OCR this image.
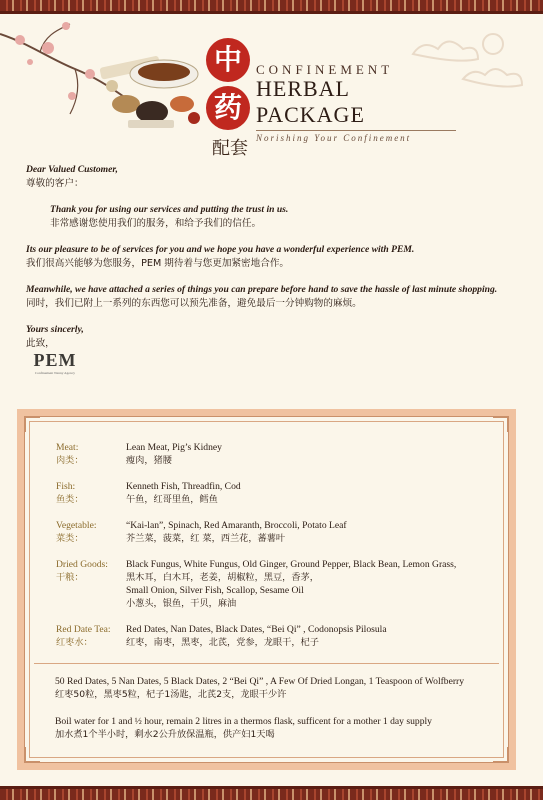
中
药
配套
CONFINEMENT
HERBAL PACKAGE
Norishing Your Confinement

Dear Valued Customer,

尊敬的客户：

Thank you for using our services and putting the trust in us.

非常感谢您使用我们的服务，和给予我们的信任。

Its our pleasure to be of services for you and we hope you have a wonderful experience with PEM.

我们很高兴能够为您服务，PEM 期待着与您更加紧密地合作。

Meanwhile, we have attached a series of things you can prepare before hand to save the hassle of last minute shopping.

同时，我们已附上一系列的东西您可以预先准备，避免最后一分钟购物的麻烦。

Yours sincerly,

此致，

PEM
Confinement Nanny Agency
Meat:
肉类：
Lean Meat, Pig’s Kidney
瘦肉，猪腰
Fish:
鱼类：
Kenneth Fish, Threadfin, Cod
午鱼，红哥里鱼，鳕鱼
Vegetable:
菜类：
“Kai-lan”, Spinach, Red Amaranth, Broccoli, Potato Leaf
芥兰菜，菠菜，红 菜，西兰花，蕃薯叶
Dried Goods:
干粮：
Black Fungus, White Fungus, Old Ginger, Ground Pepper, Black Bean, Lemon Grass,
黑木耳，白木耳，老姜，胡椒粒，黑豆，香茅，
Small Onion, Silver Fish, Scallop, Sesame Oil
小葱头，银鱼，干贝，麻油
Red Date Tea:
红枣水：
Red Dates, Nan Dates, Black Dates, “Bei Qi” , Codonopsis Pilosula
红枣，南枣，黑枣，北芪，党参，龙眼干，杞子
50 Red Dates, 5 Nan Dates, 5 Black Dates, 2 “Bei Qi” , A Few Of Dried Longan, 1 Teaspoon of Wolfberry
红枣50粒，黑枣5粒，杞子1汤匙，北芪2支，龙眼干少许
Boil water for 1 and ½ hour, remain 2 litres in a thermos flask, sufficent for a mother 1 day supply
加水煮1个半小时，剩水2公升放保温瓶，供产妇1天喝
